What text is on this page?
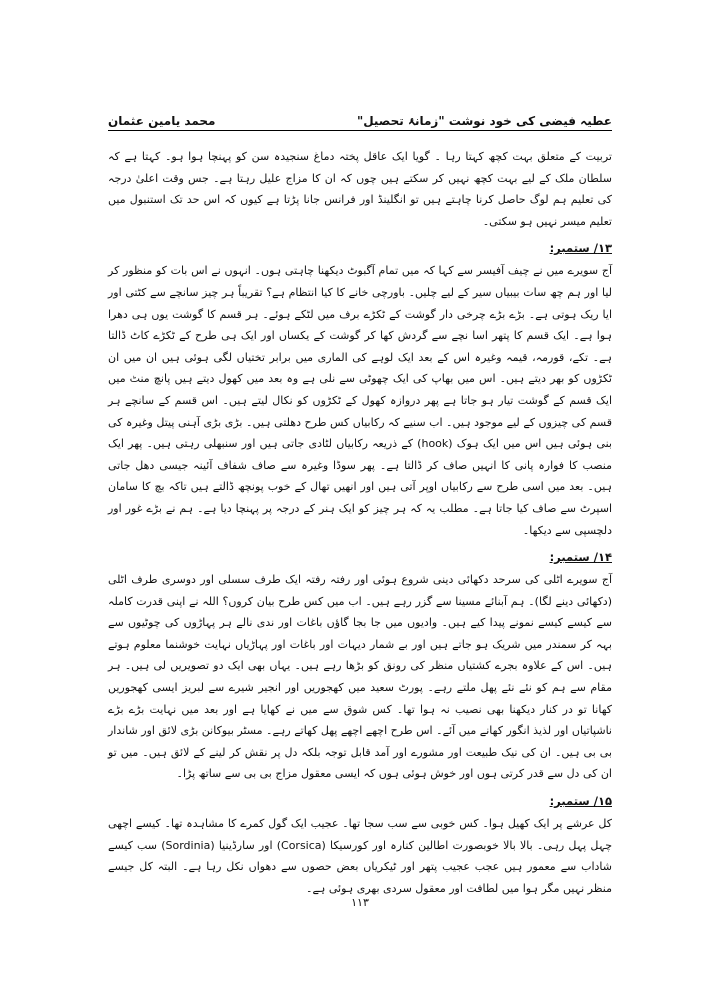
عطیہ فیضی کی خود نوشت "زمانۂ تحصیل"
محمد یامین عثمان

تربیت کے متعلق بہت کچھ کہتا رہا ۔ گویا ایک عاقل پختہ دماغ سنجیدہ سن کو پہنچا ہوا ہو۔ کہتا ہے کہ سلطان ملک کے لیے بہت کچھ نہیں کر سکتے ہیں چوں کہ ان کا مزاج علیل رہتا ہے۔ جس وقت اعلیٰ درجہ کی تعلیم ہم لوگ حاصل کرنا چاہتے ہیں تو انگلینڈ اور فرانس جانا پڑتا ہے کیوں کہ اس حد تک استنبول میں تعلیم میسر نہیں ہو سکتی۔

۱۳/ ستمبر:

آج سویرے میں نے چیف آفیسر سے کہا کہ میں تمام آگبوٹ دیکھنا چاہتی ہوں۔ انہوں نے اس بات کو منظور کر لیا اور ہم چھ سات بیبیاں سیر کے لیے چلیں۔ باورچی خانے کا کیا انتظام ہے؟ تقریباً ہر چیز سانچے سے کٹتی اور ایا ریک ہوتی ہے۔ بڑے بڑے چرخی دار گوشت کے ٹکڑے برف میں لٹکے ہوئے۔ ہر قسم کا گوشت یوں ہی دھرا ہوا ہے۔ ایک قسم کا پتھر اسا نچے سے گردش کھا کر گوشت کے یکساں اور ایک ہی طرح کے ٹکڑے کاٹ ڈالتا ہے۔ تکے، قورمہ، قیمہ وغیرہ اس کے بعد ایک لوہے کی الماری میں برابر تختیاں لگی ہوئی ہیں ان میں ان ٹکڑوں کو بھر دیتے ہیں۔ اس میں بھاپ کی ایک چھوٹی سے نلی ہے وہ بعد میں کھول دیتے ہیں پانچ منٹ میں ایک قسم کے گوشت تیار ہو جاتا ہے پھر دروازہ کھول کے ٹکڑوں کو نکال لیتے ہیں۔ اس قسم کے سانچے ہر قسم کی چیزوں کے لیے موجود ہیں۔ اب سنیے کہ رکابیاں کس طرح دھلتی ہیں۔ بڑی بڑی آہنی پیتل وغیرہ کی بنی ہوئی ہیں اس میں ایک ہوک (hook) کے ذریعہ رکابیاں لٹادی جاتی ہیں اور سنبھلی رہتی ہیں۔ پھر ایک منصب کا فوارہ پانی کا انہیں صاف کر ڈالتا ہے۔ پھر سوڈا وغیرہ سے صاف شفاف آئینہ جیسی دھل جاتی ہیں۔ بعد میں اسی طرح سے رکابیاں اوپر آتی ہیں اور انھیں تھال کے خوب پونچھ ڈالتے ہیں تاکہ بچ کا سامان اسپرٹ سے صاف کیا جاتا ہے۔ مطلب یہ کہ ہر چیز کو ایک ہنر کے درجہ پر پہنچا دیا ہے۔ ہم نے بڑے غور اور دلچسپی سے دیکھا۔

۱۴/ ستمبر:

آج سویرے اٹلی کی سرحد دکھائی دینی شروع ہوئی اور رفتہ رفتہ ایک طرف سسلی اور دوسری طرف اٹلی (دکھائی دینے لگا)۔ ہم آبنائے مسینا سے گزر رہے ہیں۔ اب میں کس طرح بیان کروں؟ اللہ نے اپنی قدرت کاملہ سے کیسے کیسے نمونے پیدا کیے ہیں۔ وادیوں میں جا بجا گاؤں باغات اور ندی نالے ہر پہاڑوں کی چوٹیوں سے بہہ کر سمندر میں شریک ہو جاتے ہیں اور بے شمار دیہات اور باغات اور پہاڑیاں نہایت خوشنما معلوم ہوتے ہیں۔ اس کے علاوہ بجرے کشتیاں منظر کی رونق کو بڑھا رہے ہیں۔ یہاں بھی ایک دو تصویریں لی ہیں۔ ہر مقام سے ہم کو نئے نئے پھل ملتے رہے۔ پورٹ سعید میں کھجوریں اور انجیر شیرے سے لبریز ایسی کھجوریں کھانا تو در کنار دیکھنا بھی نصیب نہ ہوا تھا۔ کس شوق سے میں نے کھایا ہے اور بعد میں نہایت بڑے بڑے ناشپاتیاں اور لذیذ انگور کھانے میں آئے۔ اس طرح اچھے اچھے پھل کھاتے رہے۔ مسٹر بیوکانن بڑی لائق اور شاندار بی بی ہیں۔ ان کی نیک طبیعت اور مشورے اور آمد قابل توجہ بلکہ دل پر نقش کر لینے کے لائق ہیں۔ میں تو ان کی دل سے قدر کرتی ہوں اور خوش ہوئی ہوں کہ ایسی معقول مزاج بی بی سے ساتھ پڑا۔

۱۵/ ستمبر:

کل عرشے پر ایک کھیل ہوا۔ کس خوبی سے سب سجا تھا۔ عجیب ایک گول کمرے کا مشاہدہ تھا۔ کیسے اچھی چہل پہل رہی۔ بالا بالا خوبصورت اطالین کنارہ اور کورسیکا (Corsica) اور سارڈینیا (Sordinia) سب کیسے شاداب سے معمور ہیں عجب عجیب پتھر اور ٹیکریاں بعض حصوں سے دھواں نکل رہا ہے۔ البتہ کل جیسے منظر نہیں مگر ہوا میں لطافت اور معقول سردی بھری ہوئی ہے۔

۱۱۳
